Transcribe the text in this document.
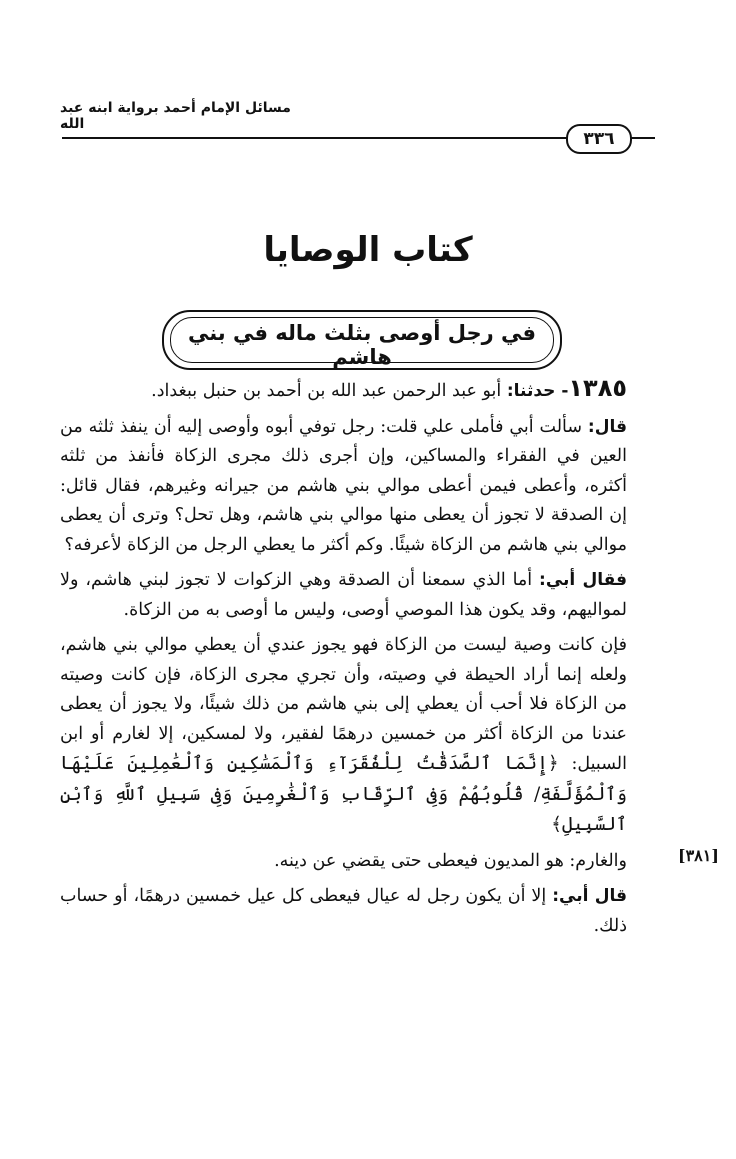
مسائل الإمام أحمد برواية ابنه عبد الله
٣٣٦
كتاب الوصايا
في رجل أوصى بثلث ماله في بني هاشم

١٣٨٥- حدثنا: أبو عبد الرحمن عبد الله بن أحمد بن حنبل ببغداد.

قال: سألت أبي فأملى علي قلت: رجل توفي أبوه وأوصى إليه أن ينفذ ثلثه من العين في الفقراء والمساكين، وإن أجرى ذلك مجرى الزكاة فأنفذ من ثلثه أكثره، وأعطى فيمن أعطى موالي بني هاشم من جيرانه وغيرهم، فقال قائل: إن الصدقة لا تجوز أن يعطى منها موالي بني هاشم، وهل تحل؟ وترى أن يعطى موالي بني هاشم من الزكاة شيئًا. وكم أكثر ما يعطي الرجل من الزكاة لأعرفه؟

فقال أبي: أما الذي سمعنا أن الصدقة وهي الزكوات لا تجوز لبني هاشم، ولا لمواليهم، وقد يكون هذا الموصي أوصى، وليس ما أوصى به من الزكاة.

فإن كانت وصية ليست من الزكاة فهو يجوز عندي أن يعطي موالي بني هاشم، ولعله إنما أراد الحيطة في وصيته، وأن تجري مجرى الزكاة، فإن كانت وصيته من الزكاة فلا أحب أن يعطي إلى بني هاشم من ذلك شيئًا، ولا يجوز أن يعطى عندنا من الزكاة أكثر من خمسين درهمًا لفقير، ولا لمسكين، إلا لغارم أو ابن السبيل: ﴿إِنَّمَا ٱلصَّدَقَٰتُ لِلْفُقَرَآءِ وَٱلْمَسَٰكِينِ وَٱلْعَٰمِلِينَ عَلَيْهَا وَٱلْمُؤَلَّفَةِ/ قُلُوبُهُمْ وَفِى ٱلرِّقَابِ وَٱلْغَٰرِمِينَ وَفِى سَبِيلِ ٱللَّهِ وَٱبْنِ ٱلسَّبِيلِ﴾

والغارم: هو المديون فيعطى حتى يقضي عن دينه.

قال أبي: إلا أن يكون رجل له عيال فيعطى كل عيل خمسين درهمًا، أو حساب ذلك.

[٣٨١]
